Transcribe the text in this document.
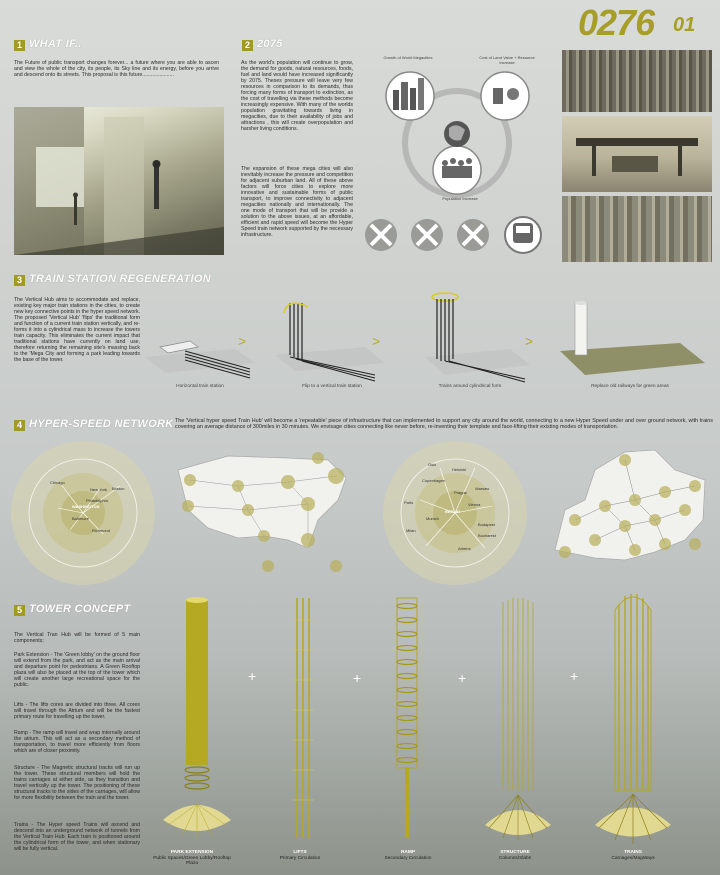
0276 01
1 WHAT IF..
The Future of public transport changes forever... a future where you are able to ascen and view the whole of the city, its people, its Sky line and its energy, before you arrive and descend onto its streets. This proposal is this future......................
2 2075
As the world's population will continue to grow, the demand for goods, natural resources, foods, fuel and land would have increased significantly by 2075. Theses pressure will leave very few resources in comparison to its demands, thus forcing many forms of transport to extinction, as the cost of travelling via these methods become increasingly expensive. With many of the worlds population gravitating towards living in megacities, due to their availability of jobs and attractions , this will create overpopulation and harsher living conditions.
The expansion of these mega cities will also inevitably increase the pressure and competition for adjacent suburban land. All of these above factors will force cities to explore more innovative and sustainable forms of public transport, to improve connectivity to adjacent megacities nationally and internationally. The one mode of transport that will be provide a solution to the above issues, at an affordable, efficient and rapid speed will become the Hyper Speed train network supported by the necessary infrastructure.
Growth of World Megacities	Cost of Land Value + Resource Increase
Population Increase
3 TRAIN STATION REGENERATION
The Vertical Hub aims to accommodate and replace, existing key major train stations in the cities, to create new key connective points in the hyper speed network. The proposed 'Vertical Hub' 'flips' the traditional form and function of a current train station vertically, and re-forms it into a cylindrical mass to increase the towers train capacity. This eliminates the current impact that traditional stations have currently on land use, therefore returning the remaining site's massing back to the 'Mega City and forming a park leading towards the base of the tower.
>	>	>
Horizontal train station	Flip to a vertical train station	Trains around cylindrical form	Replace old railways for green areas
4 HYPER-SPEED NETWORK The 'Vertical hyper speed Train Hub' will become a 'repeatable' piece of infrastructure that can implemented to support any city around the world, connecting to a new Hyper Speed under and over ground network, with trains covering an average distance of 300miles in 30 minutes. We envisage cities connecting like never before, re-inventing their template and face-lifting their existing modes of transportation.
WASHINGTON
Chicago
New York
Philadelphia
Boston
Baltimore
Richmond
BERLIN
Oslo
Helsinki
Copenhagen
Prague
Vienna
Paris
Munich
Warsaw
Budapest
Milan
Bucharest
Athens
5 TOWER CONCEPT
The Vertical Tran Hub will be formed of 5 main components;
Park Extension - The 'Green lobby' on the ground floor will extend from the park, and act as the main arrival and departure point for pedestrians. A Green Rooftop plaza will also be placed at the top of the tower which will create another large recreational space for the public.
Lifts - The lifts cores are divided into three. All cores will travel through the Atrium and will be the fastest primary route for travelling up the tower.
Ramp - The ramp will travel and wrap internally around the atrium. This will act as a secondary method of transportation, to travel more efficiently from floors which are of closer proximity.
Structure - The Magnetic structural tracks will run up the tower. These structural members will hold the trains carriages at either side, as they transition and travel vertically up the tower. The positioning of these structural tracks to the sides of the carriages, will allow for more flexibility between the train and the tower.
Trains - The Hyper speed Trains will ascend and descend into an underground network of tunnels from the Vertical Train Hub. Each train is positioned around the cylindrical form of the tower, and when stationary will be fully vertical.
+	+	+	+
PARK EXTENSION
Public Spaces/Green Lobby/Rooftop Plaza
LIFTS
Primary Circulation
RAMP
Secondary Circulation
STRUCTURE
Columns/Slabs
TRAINS
Carriages/MagWays
